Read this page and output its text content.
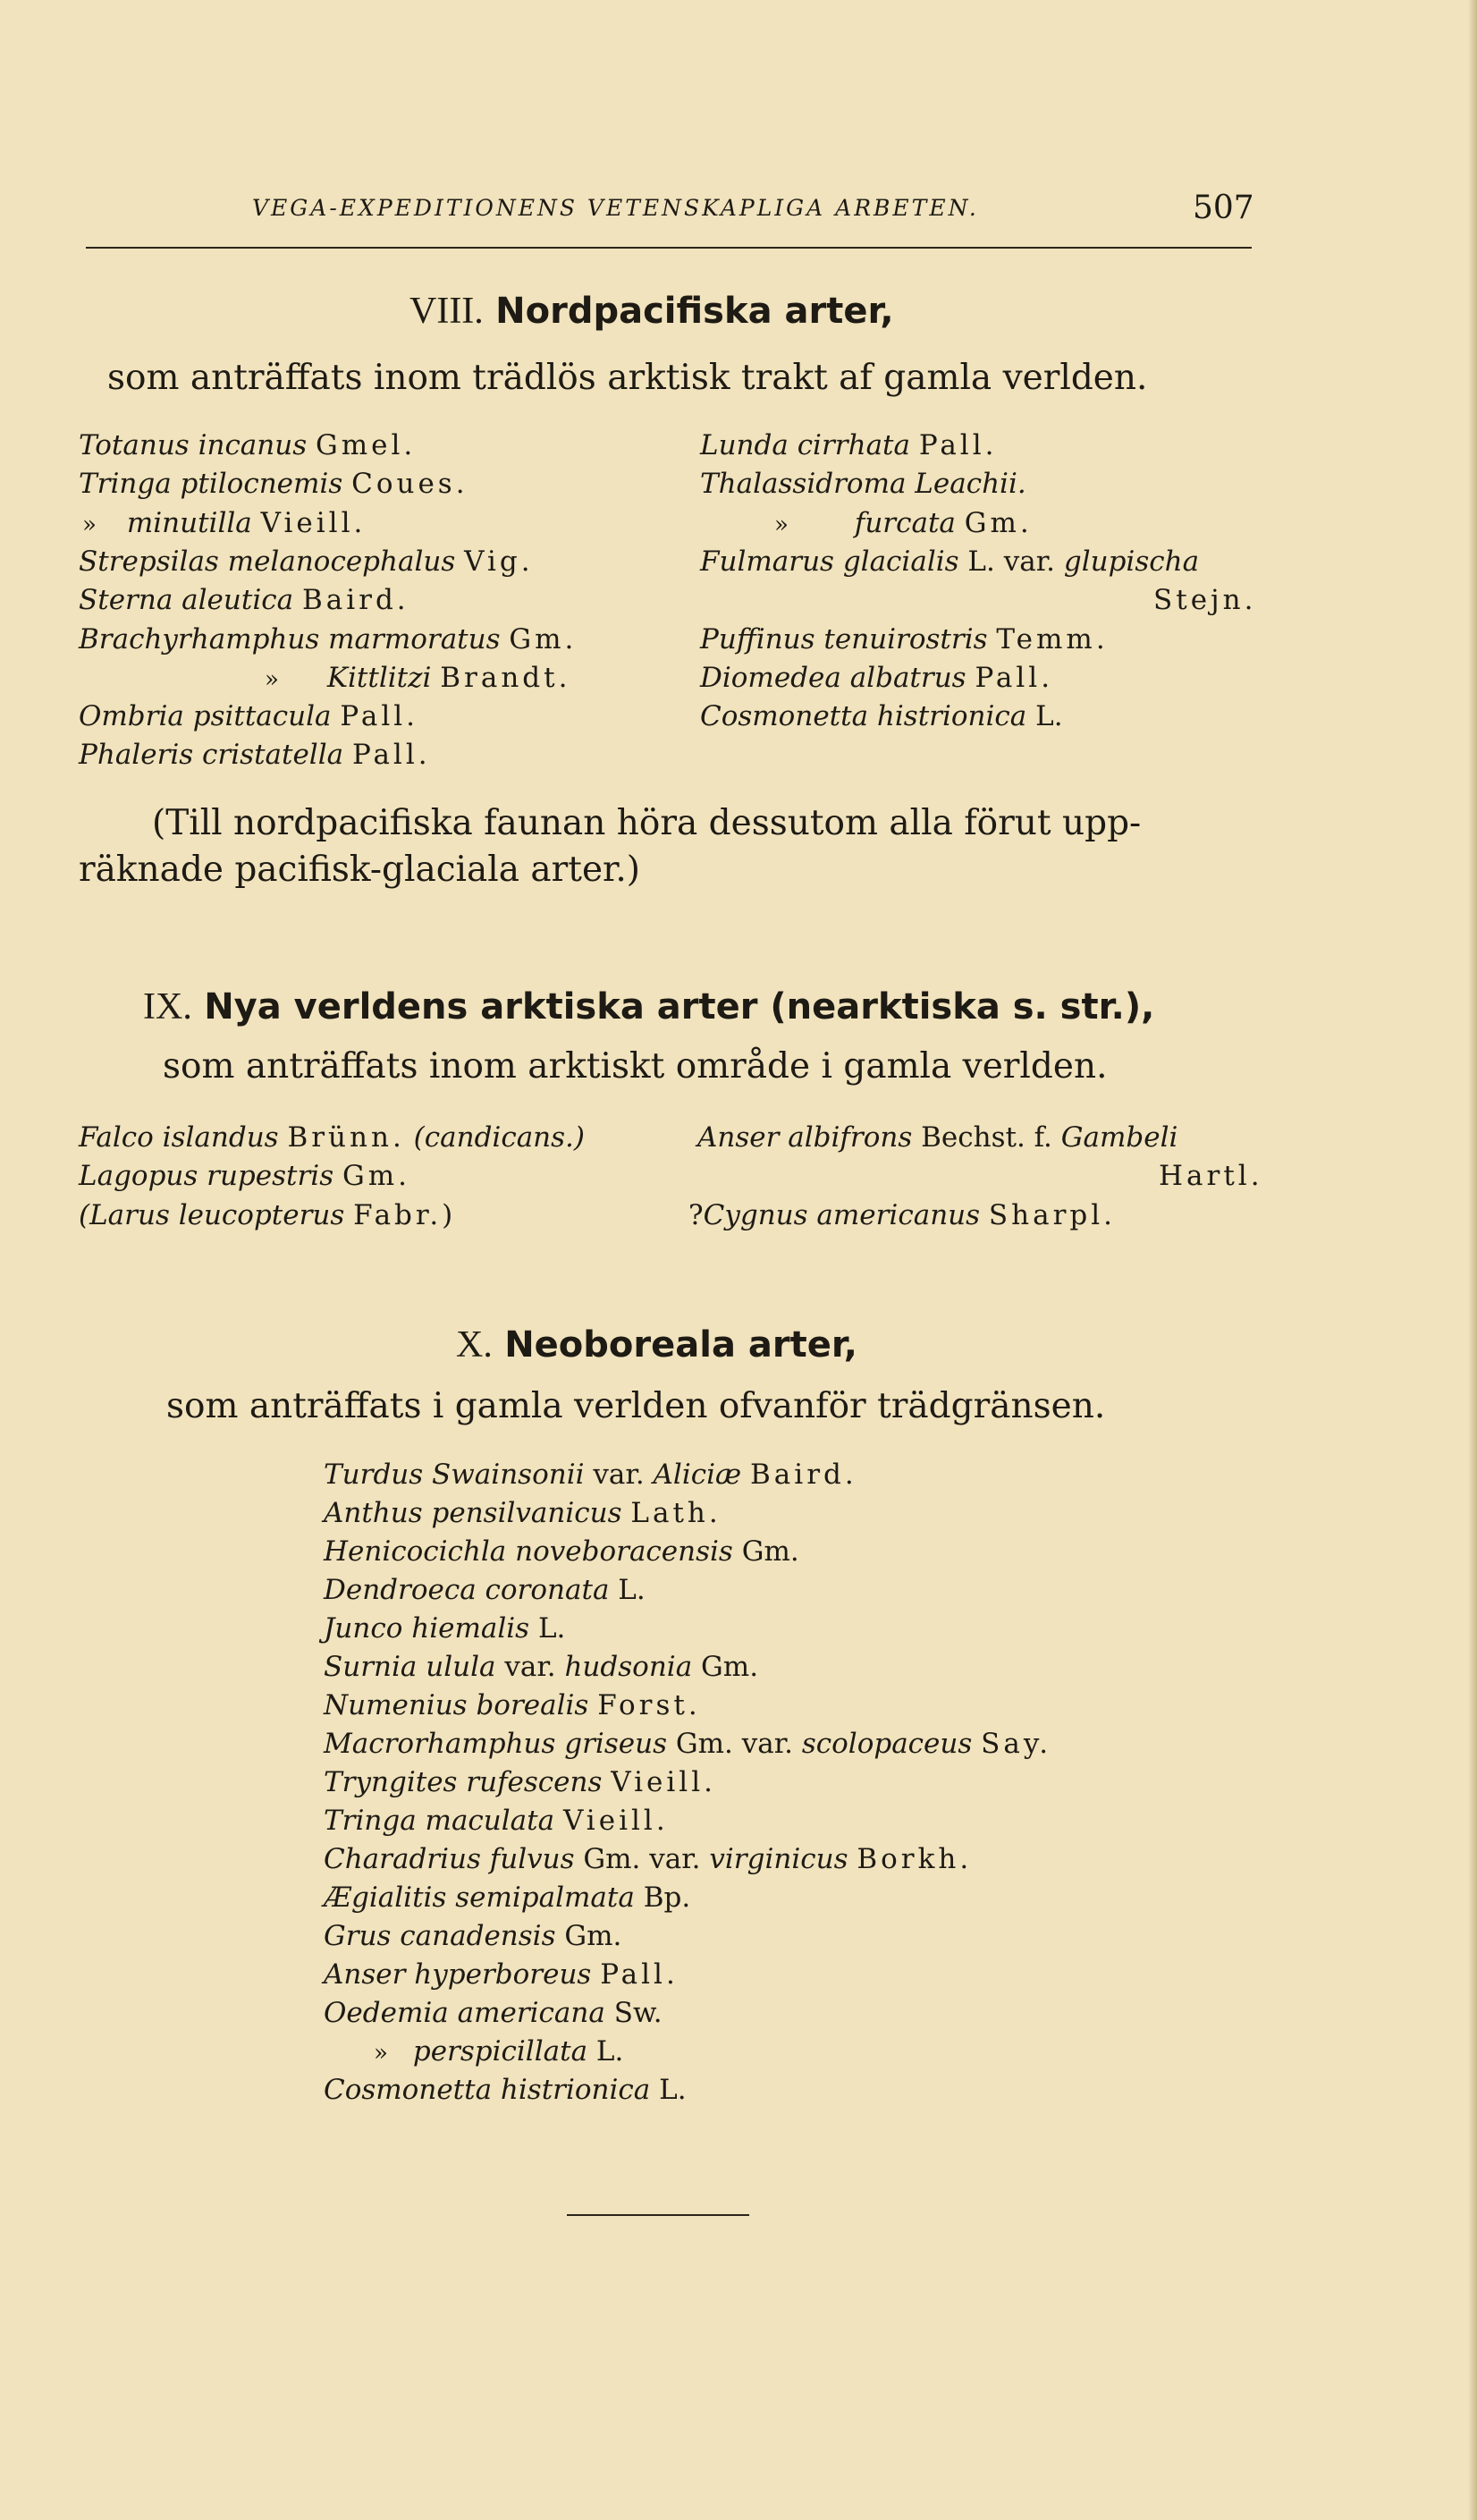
VEGA-EXPEDITIONENS VETENSKAPLIGA ARBETEN.	507
VIII. Nordpacifiska arter,
som anträffats inom trädlös arktisk trakt af gamla verlden.
Totanus incanus Gmel.
Tringa ptilocnemis Coues.
» minutilla Vieill.
Strepsilas melanocephalus Vig.
Sterna aleutica Baird.
Brachyrhamphus marmoratus Gm.
» Kittlitzi Brandt.
Ombria psittacula Pall.
Phaleris cristatella Pall.
Lunda cirrhata Pall.
Thalassidroma Leachii.
» furcata Gm.
Fulmarus glacialis L. var. glupischa
Stejn.
Puffinus tenuirostris Temm.
Diomedea albatrus Pall.
Cosmonetta histrionica L.
(Till nordpacifiska faunan höra dessutom alla förut upp-
räknade pacifisk-glaciala arter.)
IX. Nya verldens arktiska arter (nearktiska s. str.),
som anträffats inom arktiskt område i gamla verlden.
Falco islandus Brünn. (candicans.)
Lagopus rupestris Gm.
(Larus leucopterus Fabr.)
Anser albifrons Bechst. f. Gambeli
Hartl.
?Cygnus americanus Sharpl.
X. Neoboreala arter,
som anträffats i gamla verlden ofvanför trädgränsen.
Turdus Swainsonii var. Aliciæ Baird.
Anthus pensilvanicus Lath.
Henicocichla noveboracensis Gm.
Dendroeca coronata L.
Junco hiemalis L.
Surnia ulula var. hudsonia Gm.
Numenius borealis Forst.
Macrorhamphus griseus Gm. var. scolopaceus Say.
Tryngites rufescens Vieill.
Tringa maculata Vieill.
Charadrius fulvus Gm. var. virginicus Borkh.
Ægialitis semipalmata Bp.
Grus canadensis Gm.
Anser hyperboreus Pall.
Oedemia americana Sw.
» perspicillata L.
Cosmonetta histrionica L.
